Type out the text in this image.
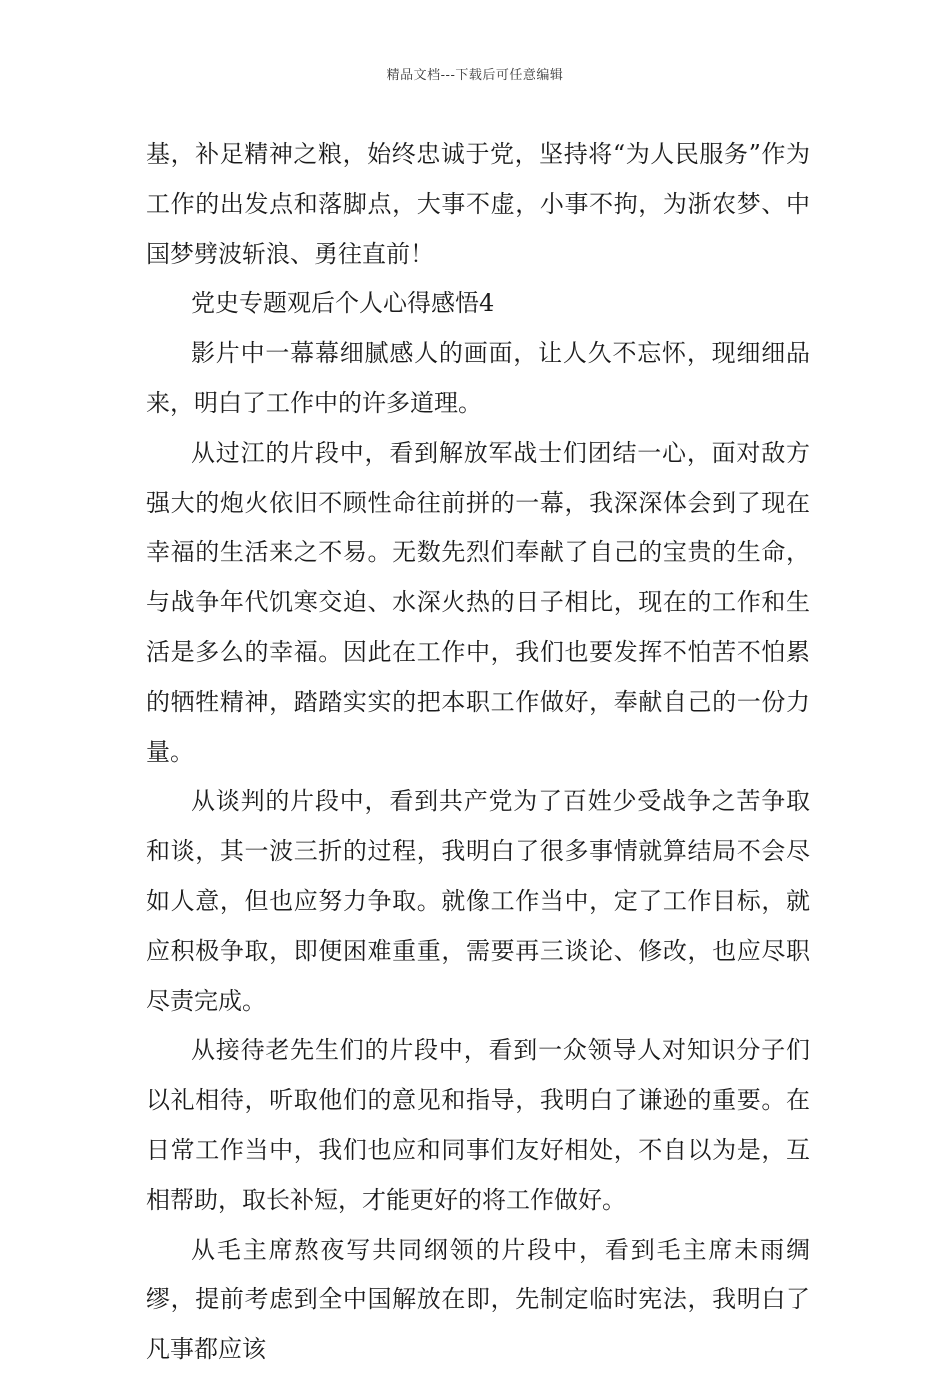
精品文档---下载后可任意编辑

基，补足精神之粮，始终忠诚于党，坚持将“为人民服务”作为工作的出发点和落脚点，大事不虚，小事不拘，为浙农梦、中国梦劈波斩浪、勇往直前！

党史专题观后个人心得感悟4

影片中一幕幕细腻感人的画面，让人久不忘怀，现细细品来，明白了工作中的许多道理。

从过江的片段中，看到解放军战士们团结一心，面对敌方强大的炮火依旧不顾性命往前拼的一幕，我深深体会到了现在幸福的生活来之不易。无数先烈们奉献了自己的宝贵的生命，与战争年代饥寒交迫、水深火热的日子相比，现在的工作和生活是多么的幸福。因此在工作中，我们也要发挥不怕苦不怕累的牺牲精神，踏踏实实的把本职工作做好，奉献自己的一份力量。

从谈判的片段中，看到共产党为了百姓少受战争之苦争取和谈，其一波三折的过程，我明白了很多事情就算结局不会尽如人意，但也应努力争取。就像工作当中，定了工作目标，就应积极争取，即便困难重重，需要再三谈论、修改，也应尽职尽责完成。

从接待老先生们的片段中，看到一众领导人对知识分子们以礼相待，听取他们的意见和指导，我明白了谦逊的重要。在日常工作当中，我们也应和同事们友好相处，不自以为是，互相帮助，取长补短，才能更好的将工作做好。

从毛主席熬夜写共同纲领的片段中，看到毛主席未雨绸缪，提前考虑到全中国解放在即，先制定临时宪法，我明白了凡事都应该
